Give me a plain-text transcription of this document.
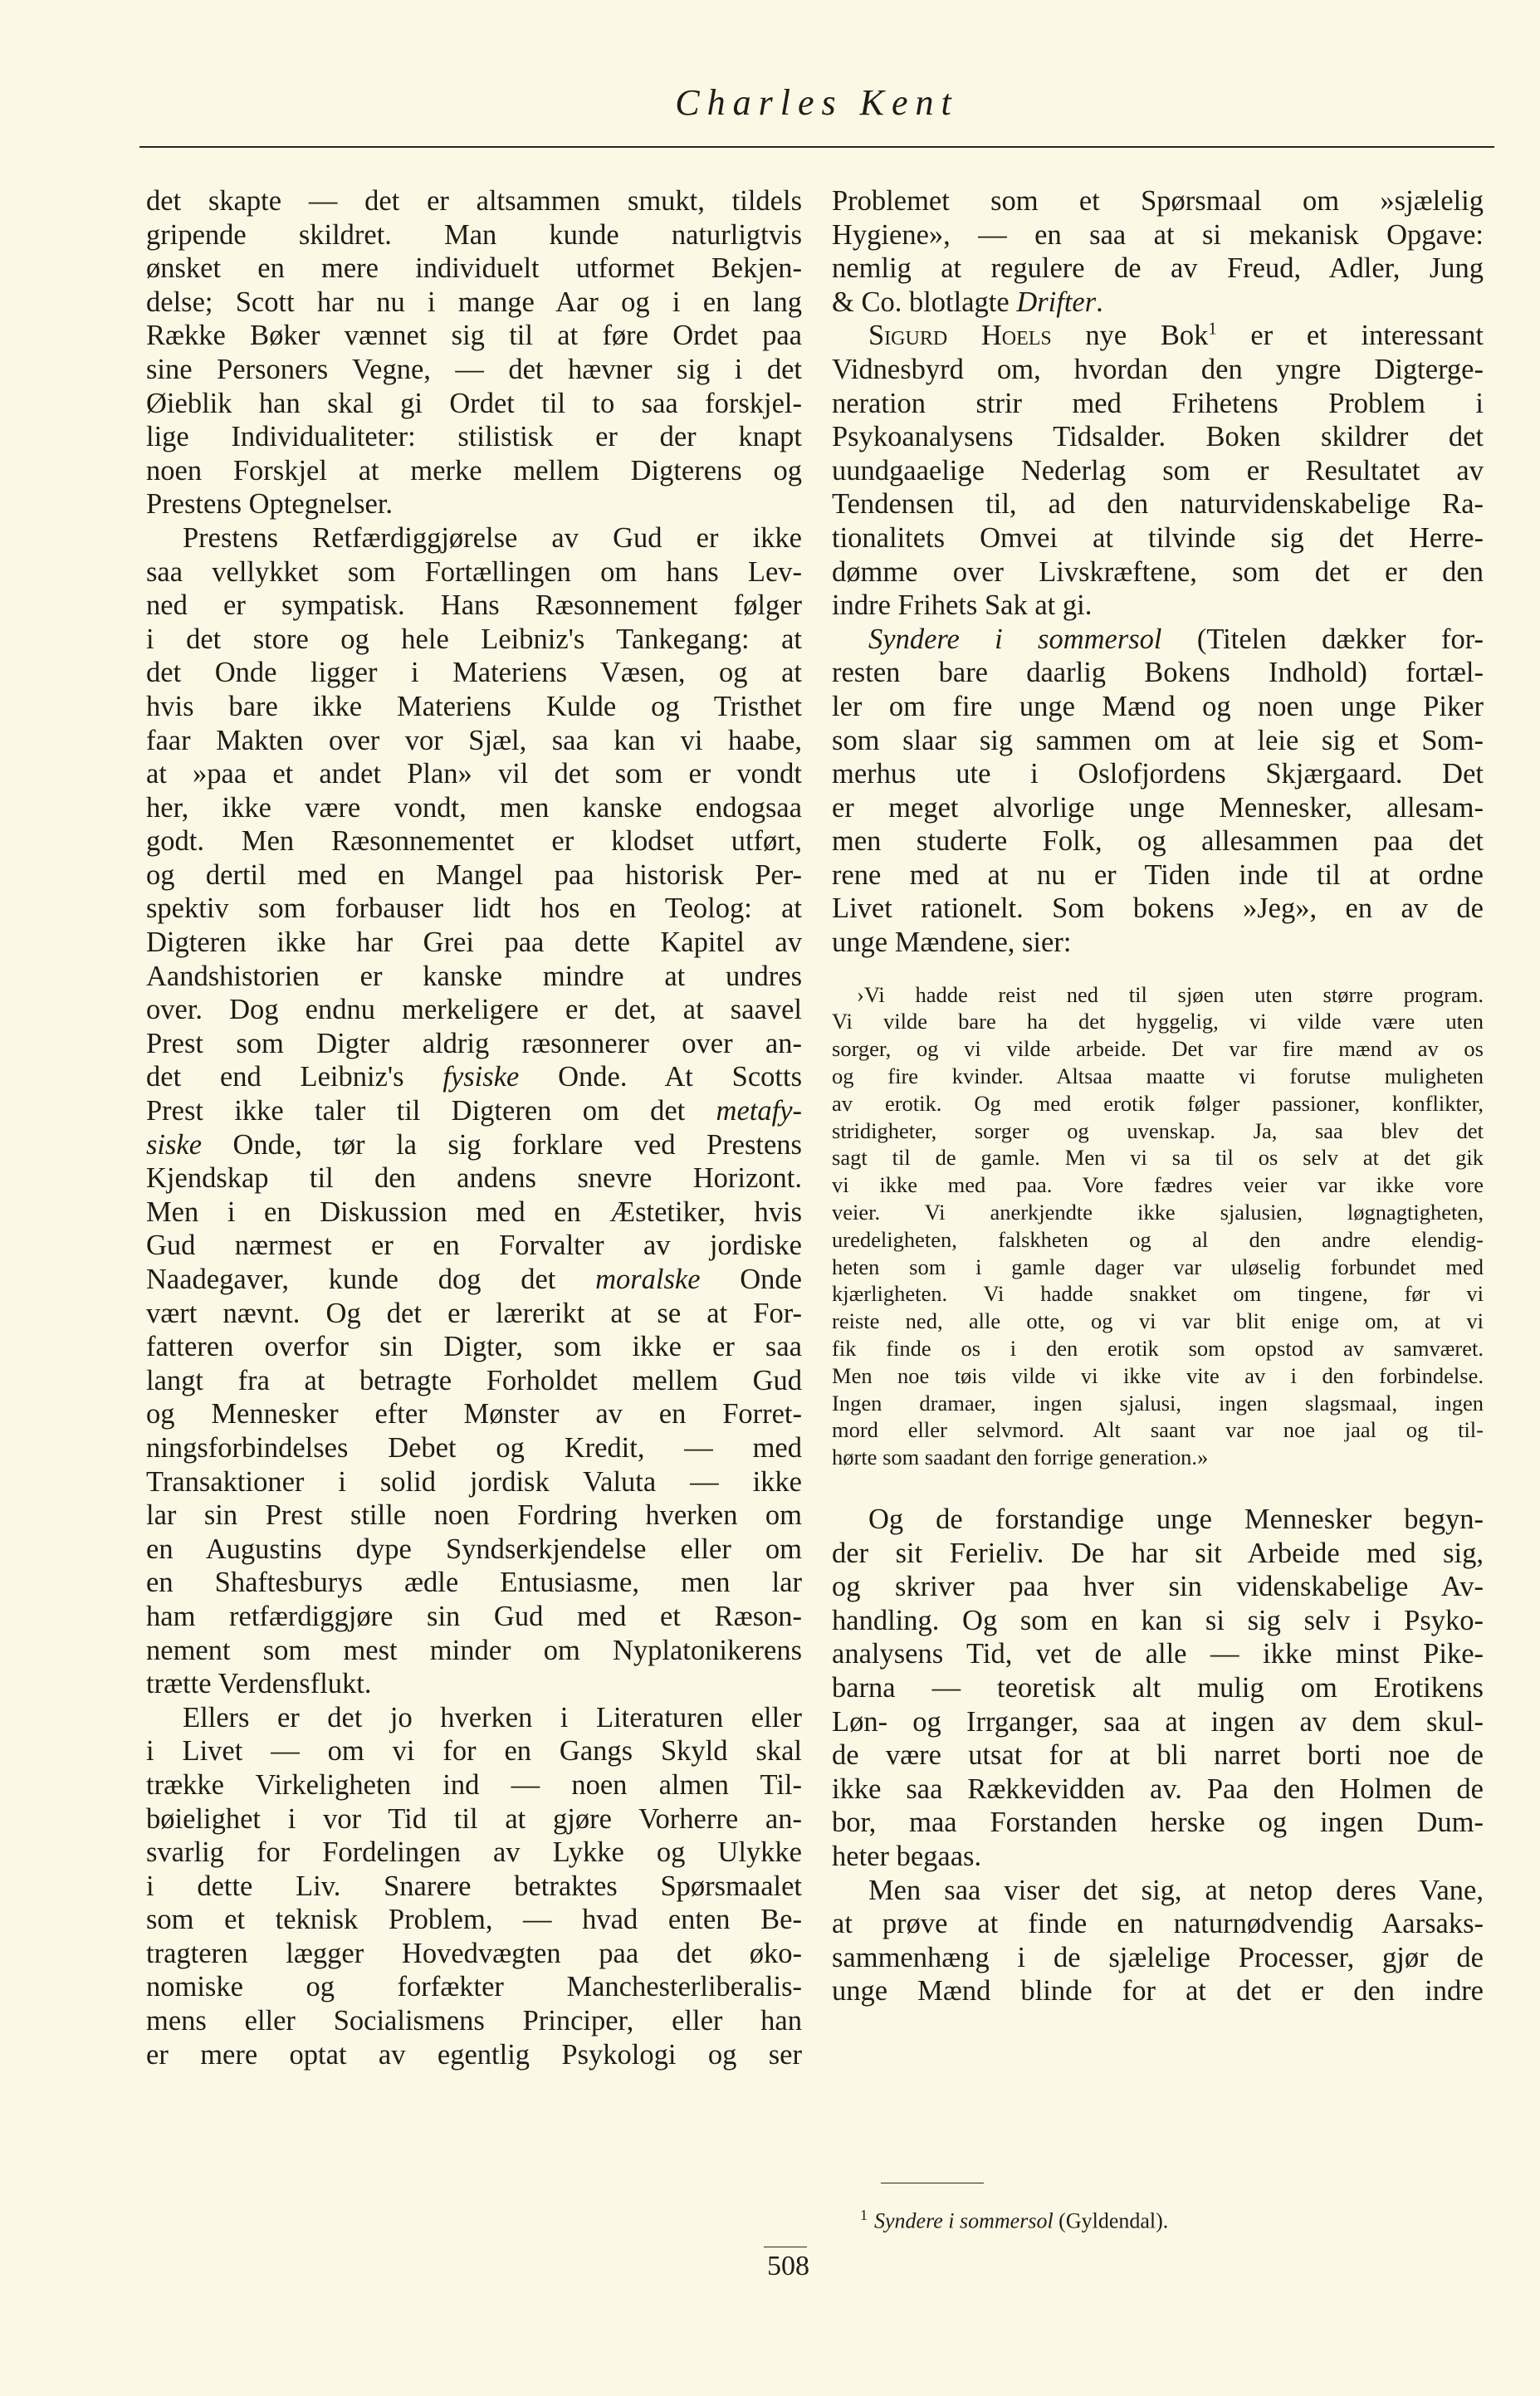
Charles Kent
det skapte — det er altsammen smukt, tildels
gripende skildret. Man kunde naturligtvis
ønsket en mere individuelt utformet Bekjen-
delse; Scott har nu i mange Aar og i en lang
Række Bøker vænnet sig til at føre Ordet paa
sine Personers Vegne, — det hævner sig i det
Øieblik han skal gi Ordet til to saa forskjel-
lige Individualiteter: stilistisk er der knapt
noen Forskjel at merke mellem Digterens og
Prestens Optegnelser.
Prestens Retfærdiggjørelse av Gud er ikke
saa vellykket som Fortællingen om hans Lev-
ned er sympatisk. Hans Ræsonnement følger
i det store og hele Leibniz's Tankegang: at
det Onde ligger i Materiens Væsen, og at
hvis bare ikke Materiens Kulde og Tristhet
faar Makten over vor Sjæl, saa kan vi haabe,
at »paa et andet Plan» vil det som er vondt
her, ikke være vondt, men kanske endogsaa
godt. Men Ræsonnementet er klodset utført,
og dertil med en Mangel paa historisk Per-
spektiv som forbauser lidt hos en Teolog: at
Digteren ikke har Grei paa dette Kapitel av
Aandshistorien er kanske mindre at undres
over. Dog endnu merkeligere er det, at saavel
Prest som Digter aldrig ræsonnerer over an-
det end Leibniz's fysiske Onde. At Scotts
Prest ikke taler til Digteren om det metafy-
siske Onde, tør la sig forklare ved Prestens
Kjendskap til den andens snevre Horizont.
Men i en Diskussion med en Æstetiker, hvis
Gud nærmest er en Forvalter av jordiske
Naadegaver, kunde dog det moralske Onde
vært nævnt. Og det er lærerikt at se at For-
fatteren overfor sin Digter, som ikke er saa
langt fra at betragte Forholdet mellem Gud
og Mennesker efter Mønster av en Forret-
ningsforbindelses Debet og Kredit, — med
Transaktioner i solid jordisk Valuta — ikke
lar sin Prest stille noen Fordring hverken om
en Augustins dype Syndserkjendelse eller om
en Shaftesburys ædle Entusiasme, men lar
ham retfærdiggjøre sin Gud med et Ræson-
nement som mest minder om Nyplatonikerens
trætte Verdensflukt.
Ellers er det jo hverken i Literaturen eller
i Livet — om vi for en Gangs Skyld skal
trække Virkeligheten ind — noen almen Til-
bøielighet i vor Tid til at gjøre Vorherre an-
svarlig for Fordelingen av Lykke og Ulykke
i dette Liv. Snarere betraktes Spørsmaalet
som et teknisk Problem, — hvad enten Be-
tragteren lægger Hovedvægten paa det øko-
nomiske og forfækter Manchesterliberalis-
mens eller Socialismens Principer, eller han
er mere optat av egentlig Psykologi og ser
Problemet som et Spørsmaal om »sjælelig
Hygiene», — en saa at si mekanisk Opgave:
nemlig at regulere de av Freud, Adler, Jung
& Co. blotlagte Drifter.
Sigurd Hoels nye Bok$^1$ er et interessant
Vidnesbyrd om, hvordan den yngre Digterge-
neration strir med Frihetens Problem i
Psykoanalysens Tidsalder. Boken skildrer det
uundgaaelige Nederlag som er Resultatet av
Tendensen til, ad den naturvidenskabelige Ra-
tionalitets Omvei at tilvinde sig det Herre-
dømme over Livskræftene, som det er den
indre Frihets Sak at gi.
Syndere i sommersol (Titelen dækker for-
resten bare daarlig Bokens Indhold) fortæl-
ler om fire unge Mænd og noen unge Piker
som slaar sig sammen om at leie sig et Som-
merhus ute i Oslofjordens Skjærgaard. Det
er meget alvorlige unge Mennesker, allesam-
men studerte Folk, og allesammen paa det
rene med at nu er Tiden inde til at ordne
Livet rationelt. Som bokens »Jeg», en av de
unge Mændene, sier:
›Vi hadde reist ned til sjøen uten større program.
Vi vilde bare ha det hyggelig, vi vilde være uten
sorger, og vi vilde arbeide. Det var fire mænd av os
og fire kvinder. Altsaa maatte vi forutse muligheten
av erotik. Og med erotik følger passioner, konflikter,
stridigheter, sorger og uvenskap. Ja, saa blev det
sagt til de gamle. Men vi sa til os selv at det gik
vi ikke med paa. Vore fædres veier var ikke vore
veier. Vi anerkjendte ikke sjalusien, løgnagtigheten,
uredeligheten, falskheten og al den andre elendig-
heten som i gamle dager var uløselig forbundet med
kjærligheten. Vi hadde snakket om tingene, før vi
reiste ned, alle otte, og vi var blit enige om, at vi
fik finde os i den erotik som opstod av samværet.
Men noe tøis vilde vi ikke vite av i den forbindelse.
Ingen dramaer, ingen sjalusi, ingen slagsmaal, ingen
mord eller selvmord. Alt saant var noe jaal og til-
hørte som saadant den forrige generation.»
Og de forstandige unge Mennesker begyn-
der sit Ferieliv. De har sit Arbeide med sig,
og skriver paa hver sin videnskabelige Av-
handling. Og som en kan si sig selv i Psyko-
analysens Tid, vet de alle — ikke minst Pike-
barna — teoretisk alt mulig om Erotikens
Løn- og Irrganger, saa at ingen av dem skul-
de være utsat for at bli narret borti noe de
ikke saa Rækkevidden av. Paa den Holmen de
bor, maa Forstanden herske og ingen Dum-
heter begaas.
Men saa viser det sig, at netop deres Vane,
at prøve at finde en naturnødvendig Aarsaks-
sammenhæng i de sjælelige Processer, gjør de
unge Mænd blinde for at det er den indre
$^1$ Syndere i sommersol (Gyldendal).
508
